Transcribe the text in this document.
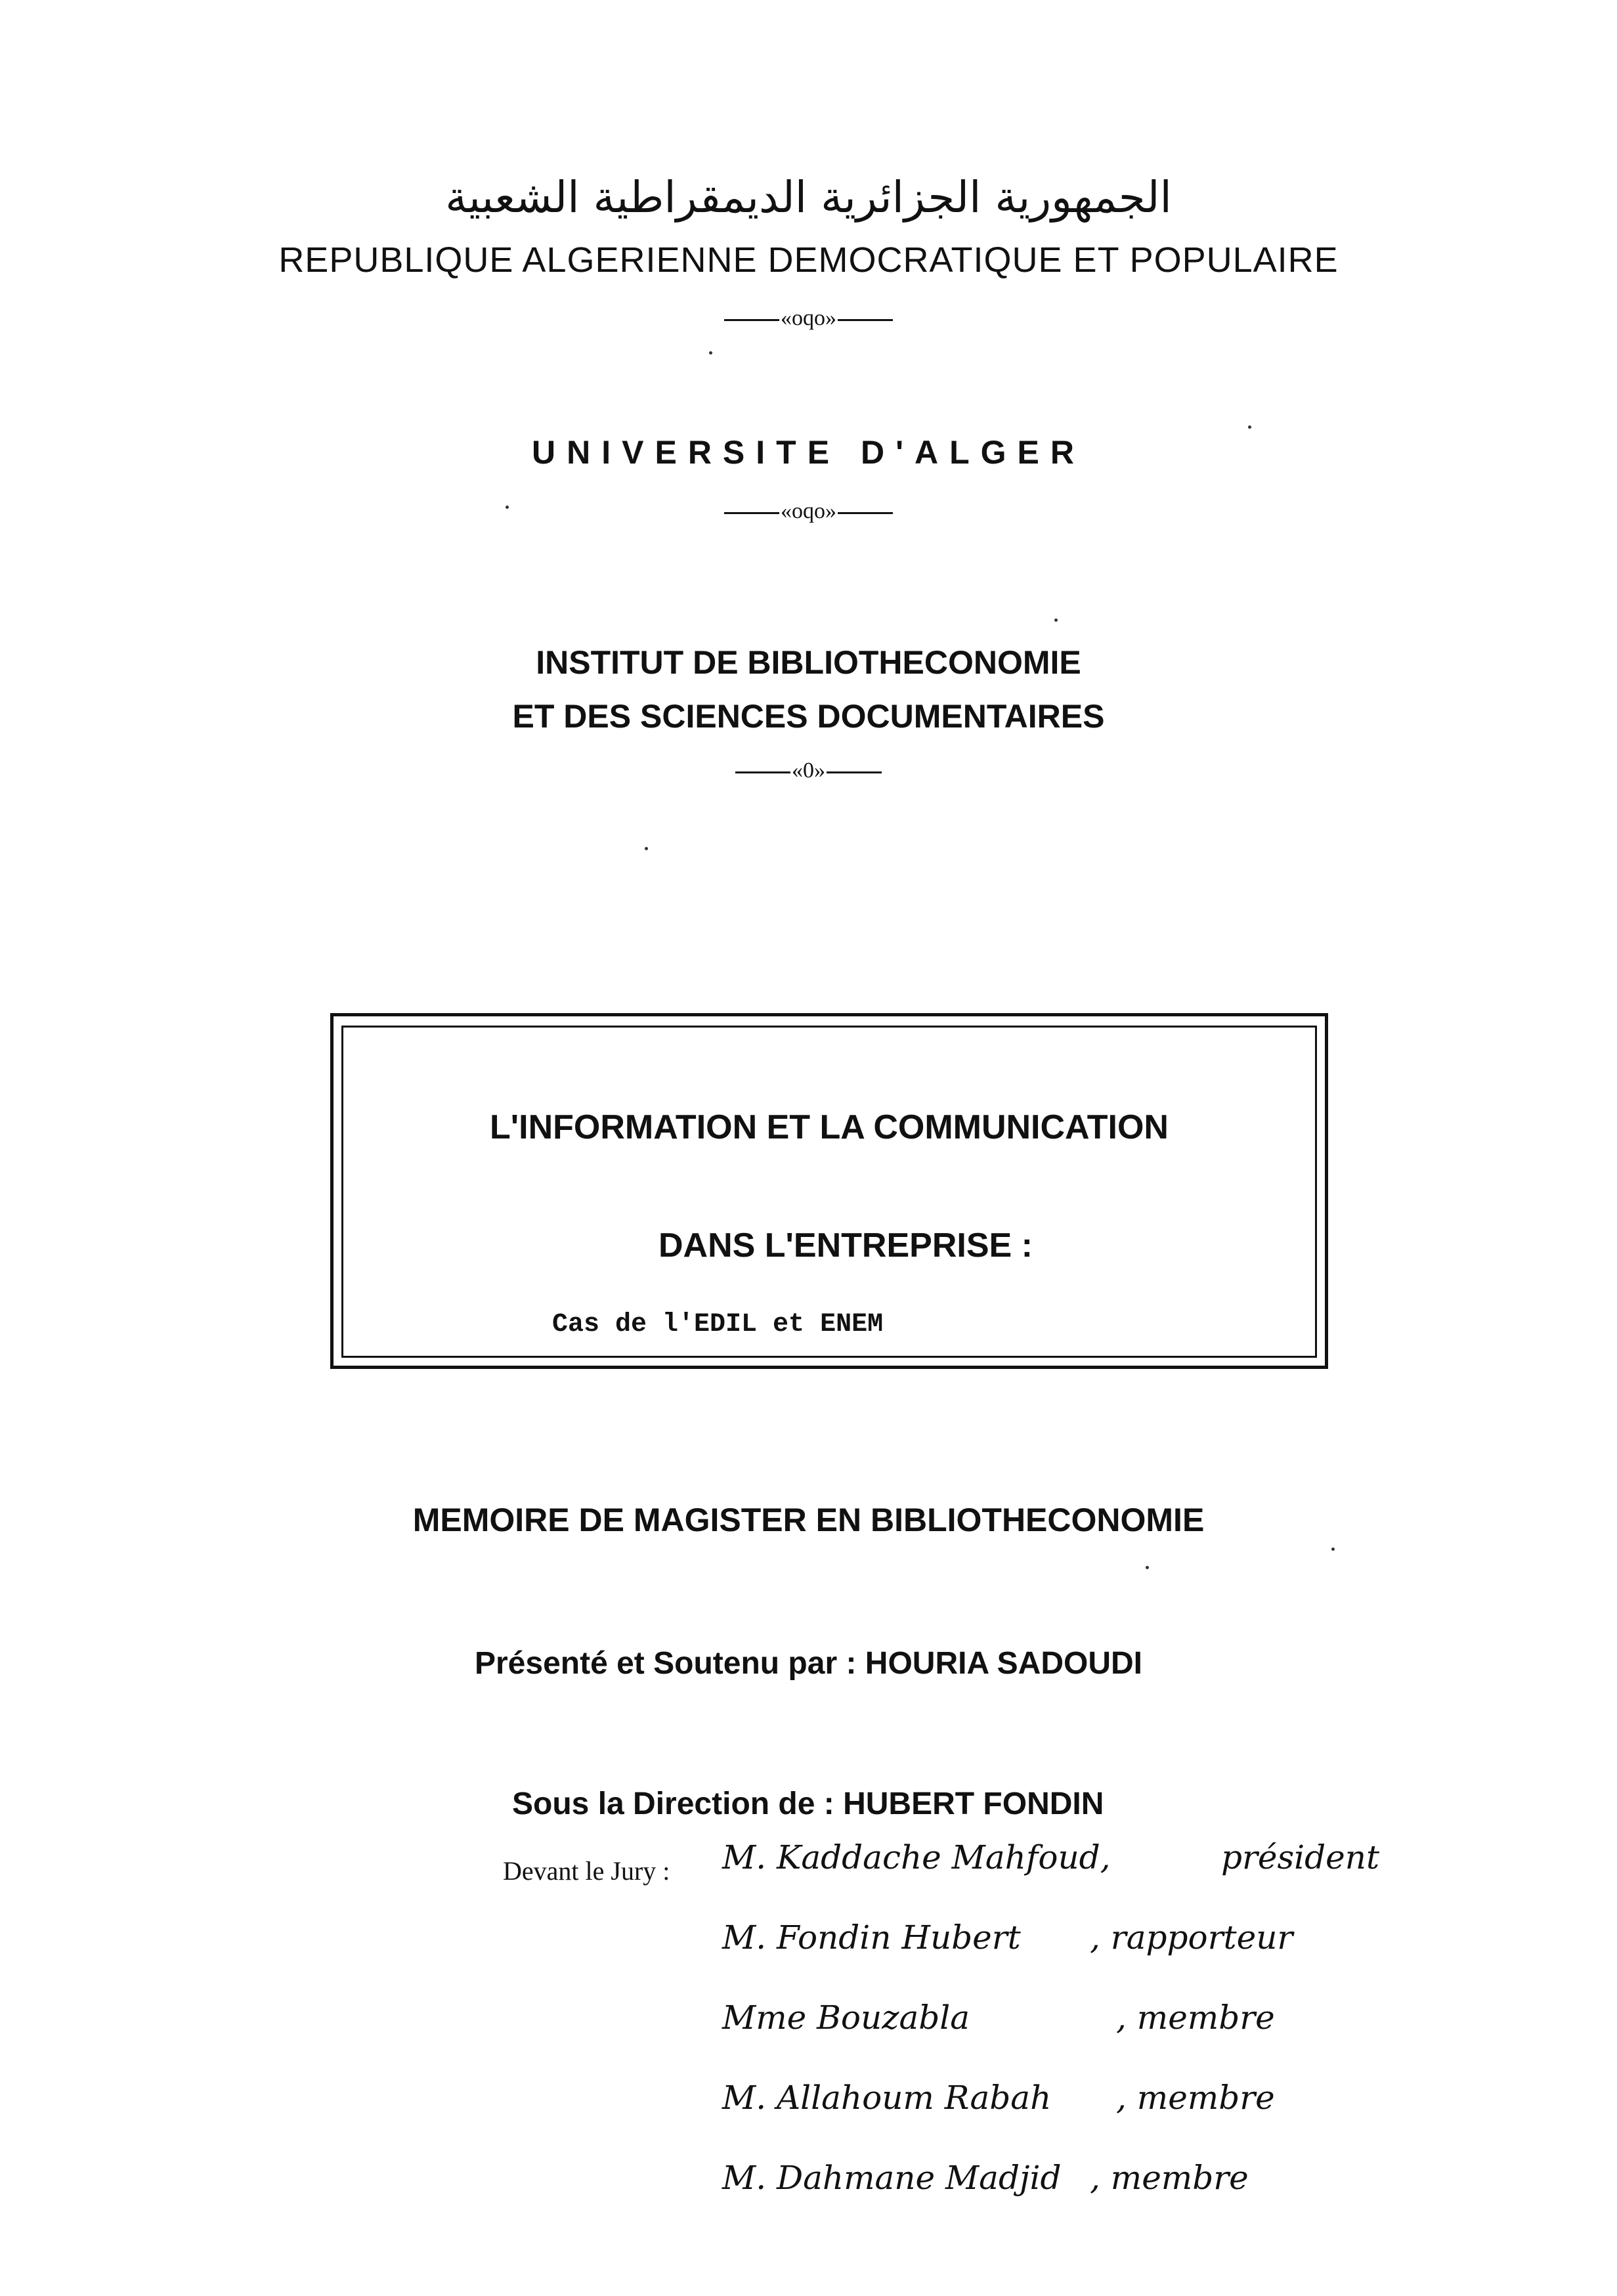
الجمهورية الجزائرية الديمقراطية الشعبية
REPUBLIQUE ALGERIENNE DEMOCRATIQUE ET POPULAIRE
«oqo»
UNIVERSITE D'ALGER
«oqo»
INSTITUT DE BIBLIOTHECONOMIE
ET DES SCIENCES DOCUMENTAIRES
«0»
L'INFORMATION ET LA COMMUNICATION
DANS L'ENTREPRISE :
Cas de l'EDIL et ENEM
MEMOIRE DE MAGISTER EN BIBLIOTHECONOMIE
Présenté et Soutenu par : HOURIA SADOUDI
Sous la Direction de : HUBERT FONDIN
Devant le Jury : M. Kaddache Mahfoud,	président
M. Fondin Hubert	, rapporteur
Mme Bouzabla	, membre
M. Allahoum Rabah	, membre
M. Dahmane Madjid , membre
